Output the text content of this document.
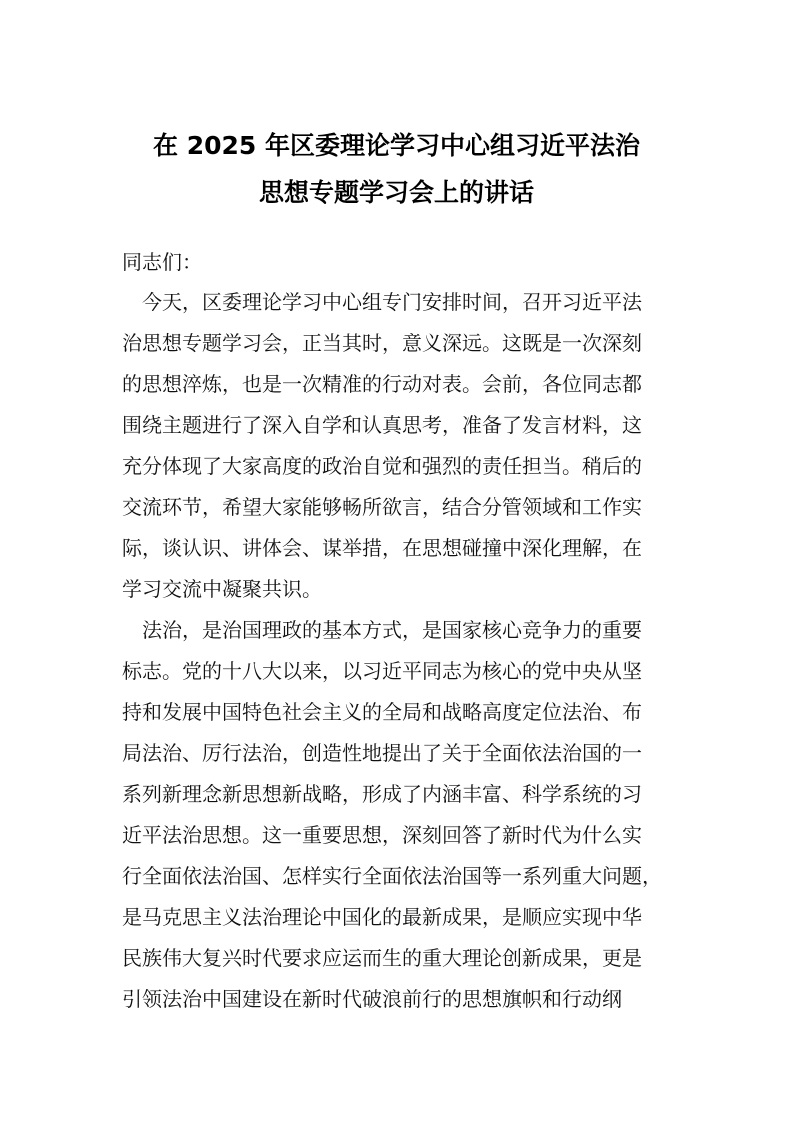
在 2025 年区委理论学习中心组习近平法治
思想专题学习会上的讲话
同志们：
今天，区委理论学习中心组专门安排时间，召开习近平法
治思想专题学习会，正当其时，意义深远。这既是一次深刻
的思想淬炼，也是一次精准的行动对表。会前，各位同志都
围绕主题进行了深入自学和认真思考，准备了发言材料，这
充分体现了大家高度的政治自觉和强烈的责任担当。稍后的
交流环节，希望大家能够畅所欲言，结合分管领域和工作实
际，谈认识、讲体会、谋举措，在思想碰撞中深化理解，在
学习交流中凝聚共识。
法治，是治国理政的基本方式，是国家核心竞争力的重要
标志。党的十八大以来，以习近平同志为核心的党中央从坚
持和发展中国特色社会主义的全局和战略高度定位法治、布
局法治、厉行法治，创造性地提出了关于全面依法治国的一
系列新理念新思想新战略，形成了内涵丰富、科学系统的习
近平法治思想。这一重要思想，深刻回答了新时代为什么实
行全面依法治国、怎样实行全面依法治国等一系列重大问题，
是马克思主义法治理论中国化的最新成果，是顺应实现中华
民族伟大复兴时代要求应运而生的重大理论创新成果，更是
引领法治中国建设在新时代破浪前行的思想旗帜和行动纲
